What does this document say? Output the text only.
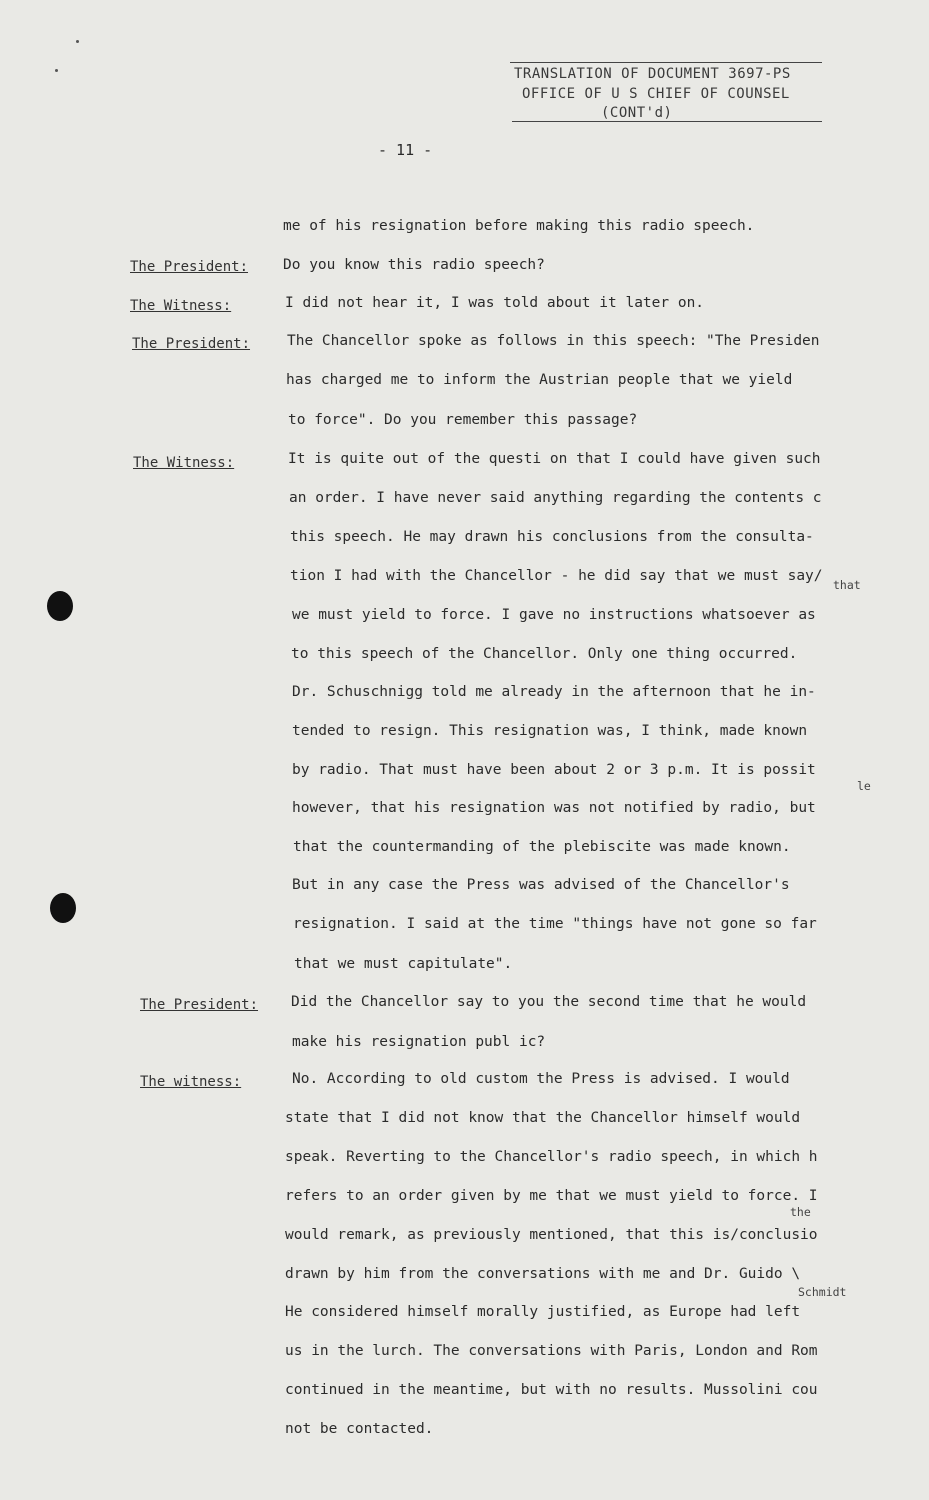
TRANSLATION OF DOCUMENT 3697-PS
OFFICE OF U S CHIEF OF COUNSEL
(CONT'd)
- 11 -
The President:
The Witness:
The President:
The Witness:
The President:
The witness:
me of his resignation before making this radio speech.
Do you know this radio speech?
I did not hear it, I was told about it later on.
The Chancellor spoke as follows in this speech: "The Presiden
has charged me to inform the Austrian people that we yield
to force". Do you remember this passage?
It is quite out of the questi on that I could have given such
an order. I have never said anything regarding the contents c
this speech. He may drawn his conclusions from the consulta-
tion I had with the Chancellor - he did say that we must say/
that
we must yield to force. I gave no instructions whatsoever as
to this speech of the Chancellor. Only one thing occurred.
Dr. Schuschnigg told me already in the afternoon that he in-
tended to resign. This resignation was, I think, made known
by radio. That must have been about 2 or 3 p.m. It is possit
le
however, that his resignation was not notified by radio, but
that the countermanding of the plebiscite was made known.
But in any case the Press was advised of the Chancellor's
resignation. I said at the time "things have not gone so far
that we must capitulate".
Did the Chancellor say to you the second time that he would
make his resignation publ ic?
No. According to old custom the Press is advised. I would
state that I did not know that the Chancellor himself would
speak. Reverting to the Chancellor's radio speech, in which h
refers to an order given by me that we must yield to force. I
the
would remark, as previously mentioned, that this is/conclusio
drawn by him from the conversations with me and Dr. Guido \
Schmidt
He considered himself morally justified, as Europe had left
us in the lurch. The conversations with Paris, London and Rom
continued in the meantime, but with no results. Mussolini cou
not be contacted.
